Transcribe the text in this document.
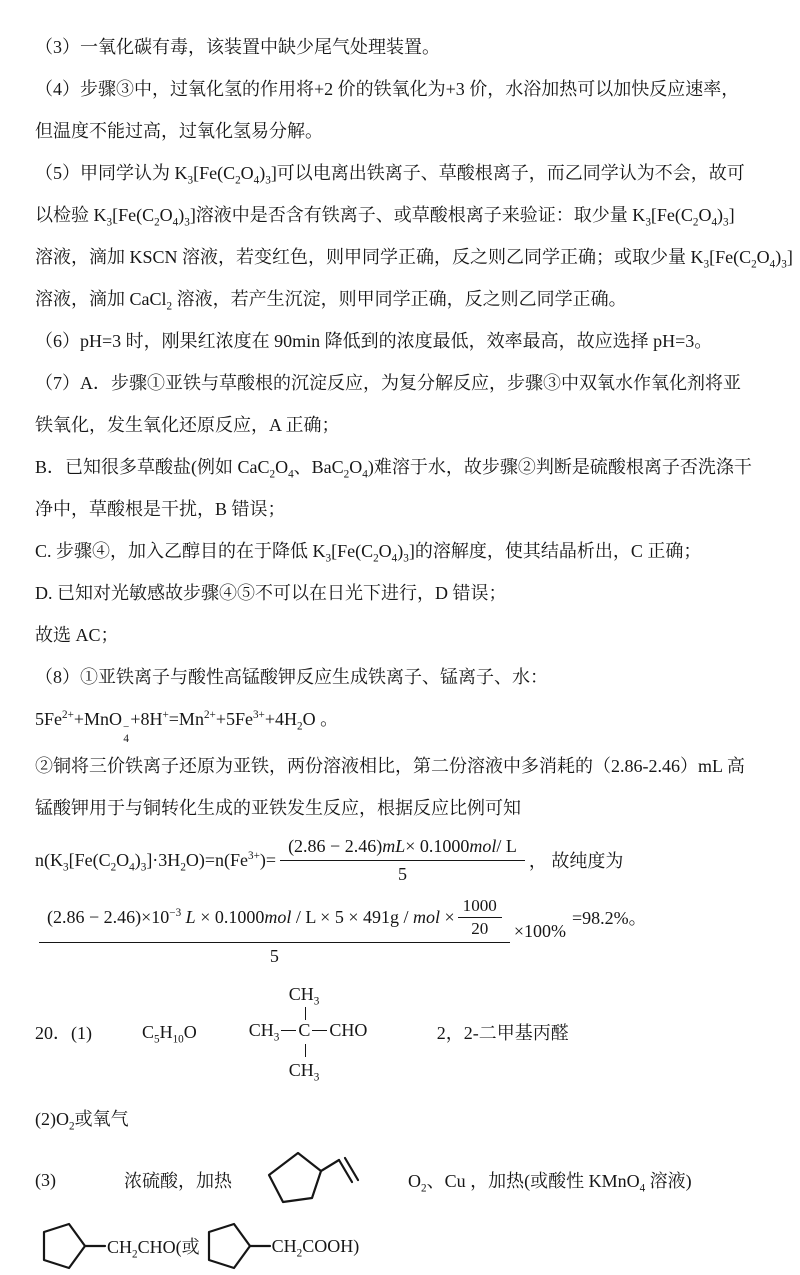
（3）一氧化碳有毒，该装置中缺少尾气处理装置。
（4）步骤③中，过氧化氢的作用将+2 价的铁氧化为+3 价，水浴加热可以加快反应速率，
但温度不能过高，过氧化氢易分解。
（5）甲同学认为 $K_3[Fe(C_2O_4)_3]$可以电离出铁离子、草酸根离子，而乙同学认为不会，故可
以检验 $K_3[Fe(C_2O_4)_3]$溶液中是否含有铁离子、或草酸根离子来验证：取少量 $K_3[Fe(C_2O_4)_3]$
溶液，滴加 KSCN 溶液，若变红色，则甲同学正确，反之则乙同学正确；或取少量 $K_3[Fe(C_2O_4)_3]$
溶液，滴加 CaCl$_2$ 溶液，若产生沉淀，则甲同学正确，反之则乙同学正确。
（6）pH=3 时，刚果红浓度在 90min 降低到的浓度最低，效率最高，故应选择 pH=3。
（7）A．步骤①亚铁与草酸根的沉淀反应，为复分解反应，步骤③中双氧水作氧化剂将亚
铁氧化，发生氧化还原反应，A 正确；
B．已知很多草酸盐(例如 $CaC_2O_4$、$BaC_2O_4$)难溶于水，故步骤②判断是硫酸根离子否洗涤干
净中，草酸根是干扰，B 错误；
C. 步骤④，加入乙醇目的在于降低 $K_3[Fe(C_2O_4)_3]$的溶解度，使其结晶析出，C 正确；
D. 已知对光敏感故步骤④⑤不可以在日光下进行，D 错误；
故选 AC；
（8）①亚铁离子与酸性高锰酸钾反应生成铁离子、锰离子、水：
$5Fe^{2+}+MnO$ −
4
$+8H^+=Mn^{2+}+5Fe^{3+}+4H_2O$ 。
②铜将三价铁离子还原为亚铁，两份溶液相比，第二份溶液中多消耗的（2.86-2.46）mL 高
锰酸钾用于与铜转化生成的亚铁发生反应，根据反应比例可知
$n(K_3[Fe(C_2O_4)_3]\cdot 3H_2O)=n(Fe^{3+})= \frac{\text{(2.86 − 2.46) mL × 0.1000 mol / L}}{5}$ ， 故纯度为
$(2.86 - 2.46)\times 10^{-3}$ L × 0.1000mol / L × 5 × 491g / mol × $\frac{1000}{20}$
5
×100%
=98.2%。
20．(1)	$C_5H_{10}O$
$CH_3$
$CH_3$ C CHO
$CH_3$
2，2-二甲基丙醛
$(2)O_2$或氧气
(3)	浓硫酸，加热	$O_2$、Cu ，加热(或酸性 KMnO$_4$ 溶液)
$CH_2CHO$(或	$CH_2COOH$)
